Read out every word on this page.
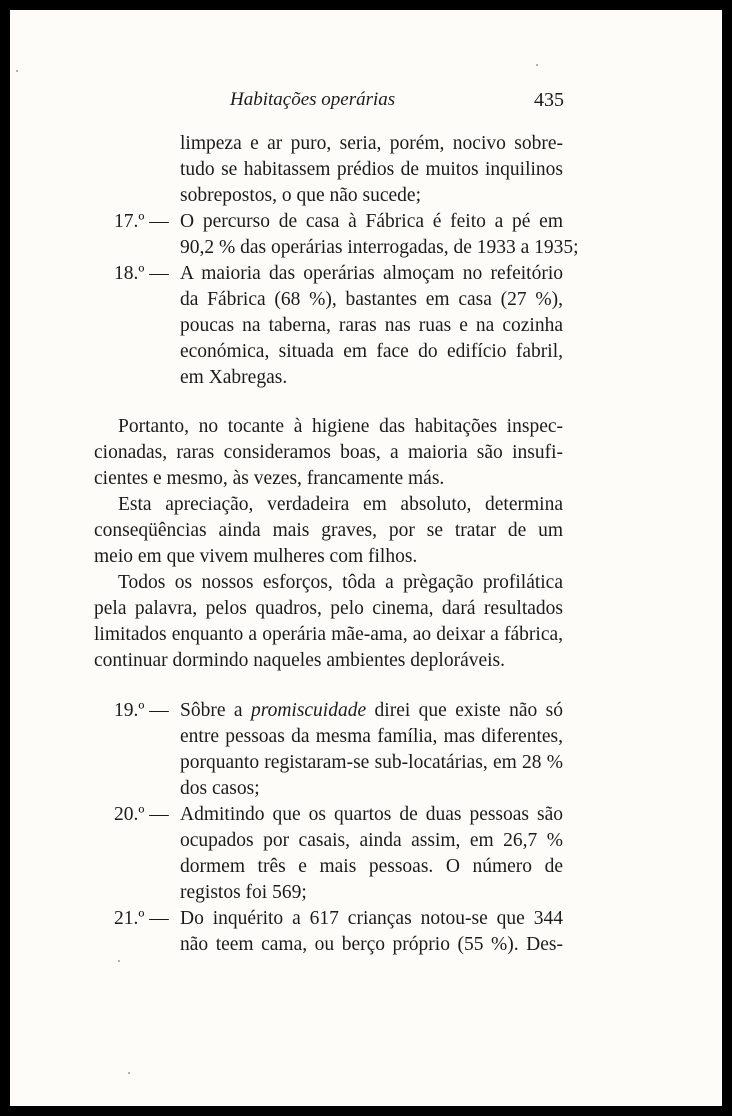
Habitações operárias	435
limpeza e ar puro, seria, porém, nocivo sobre-
tudo se habitassem prédios de muitos inquilinos
sobrepostos, o que não sucede;
17.º — O percurso de casa à Fábrica é feito a pé em
90,2 % das operárias interrogadas, de 1933 a 1935;
18.º — A maioria das operárias almoçam no refeitório
da Fábrica (68 %), bastantes em casa (27 %),
poucas na taberna, raras nas ruas e na cozinha
económica, situada em face do edifício fabril,
em Xabregas.
Portanto, no tocante à higiene das habitações inspec-
cionadas, raras consideramos boas, a maioria são insufi-
cientes e mesmo, às vezes, francamente más.
Esta apreciação, verdadeira em absoluto, determina
conseqüências ainda mais graves, por se tratar de um
meio em que vivem mulheres com filhos.
Todos os nossos esforços, tôda a prègação profilática
pela palavra, pelos quadros, pelo cinema, dará resultados
limitados enquanto a operária mãe-ama, ao deixar a fábrica,
continuar dormindo naqueles ambientes deploráveis.
19.º — Sôbre a promiscuidade direi que existe não só
entre pessoas da mesma família, mas diferentes,
porquanto registaram-se sub-locatárias, em 28 %
dos casos;
20.º — Admitindo que os quartos de duas pessoas são
ocupados por casais, ainda assim, em 26,7 %
dormem três e mais pessoas. O número de
registos foi 569;
21.º — Do inquérito a 617 crianças notou-se que 344
não teem cama, ou berço próprio (55 %). Des-
